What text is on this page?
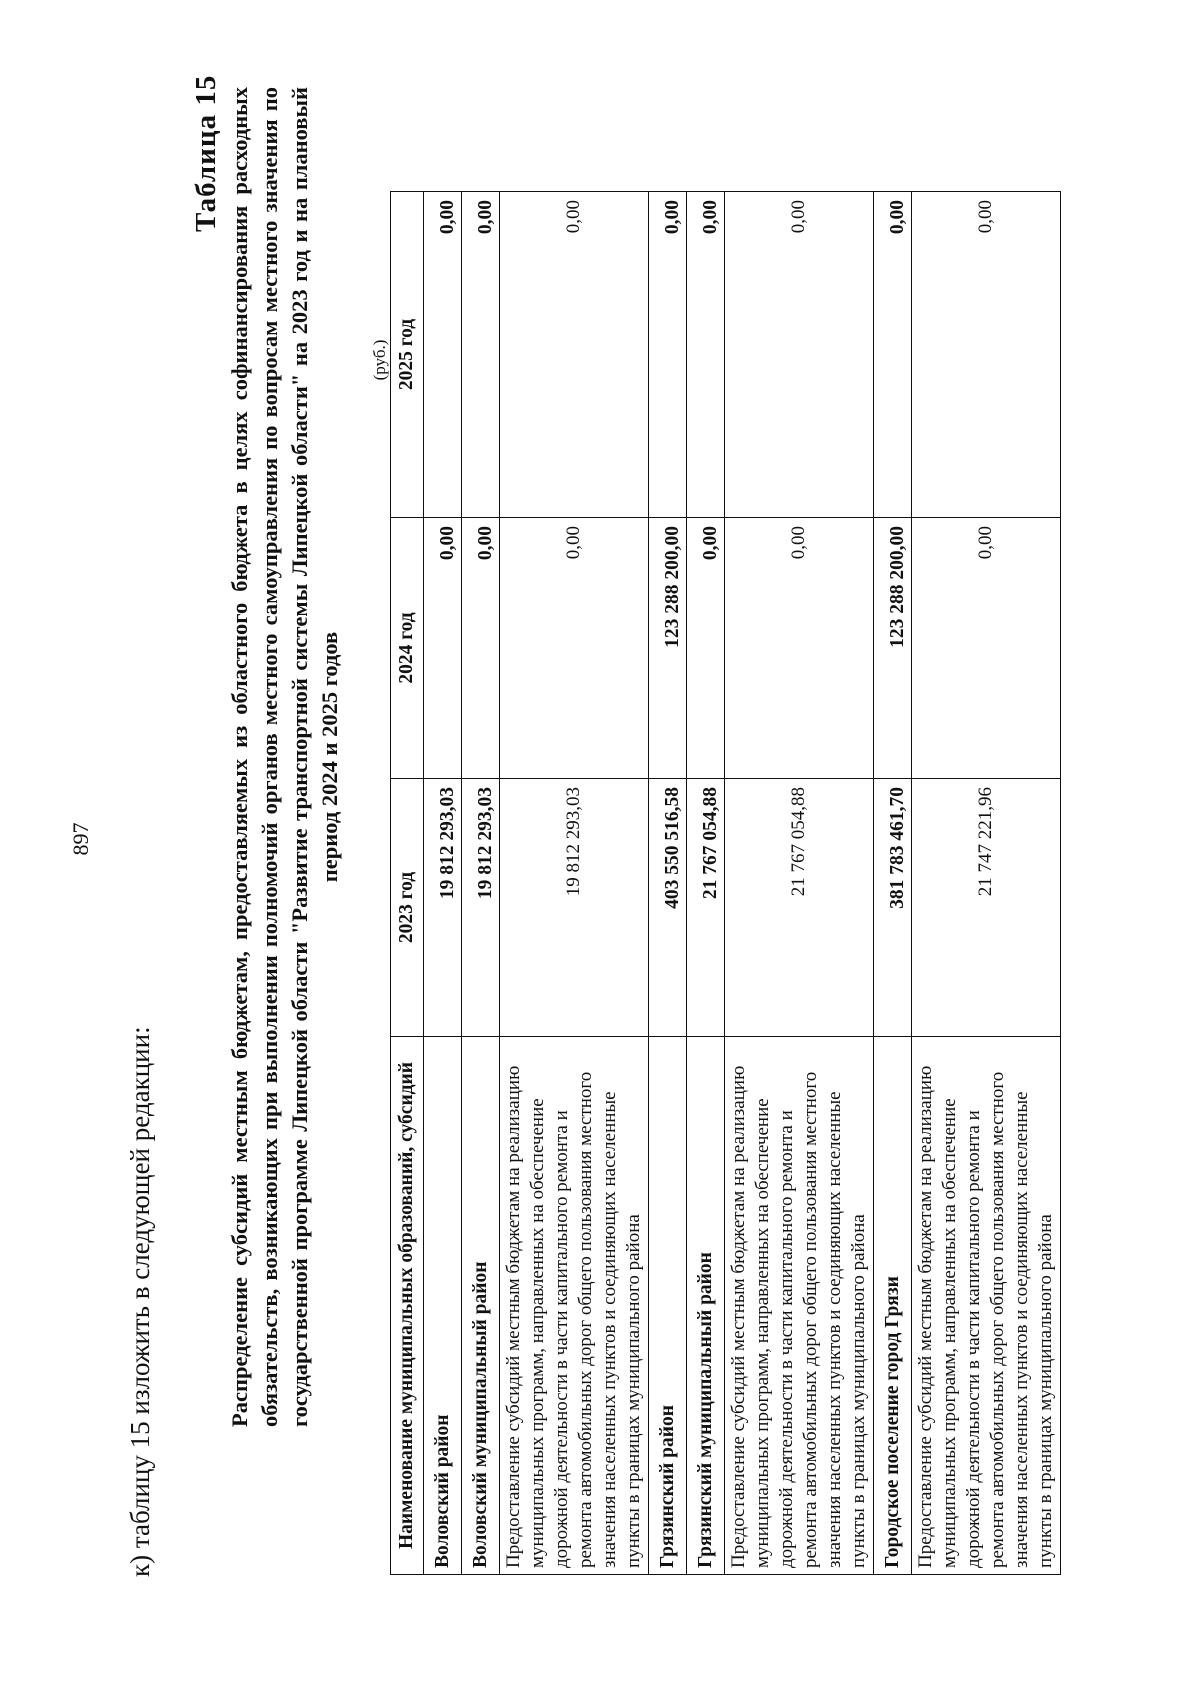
897
к) таблицу 15 изложить в следующей редакции:
Таблица 15 Распределение субсидий местным бюджетам, предоставляемых из областного бюджета в целях софинансирования расходных обязательств, возникающих при выполнении полномочий органов местного самоуправления по вопросам местного значения по государственной программе Липецкой области "Развитие транспортной системы Липецкой области" на 2023 год и на плановый период 2024 и 2025 годов
(руб.)
Наименование муниципальных образований, субсидий	2023 год	2024 год	2025 год
Воловский район	19 812 293,03	0,00	0,00
Воловский муниципальный район	19 812 293,03	0,00	0,00
Предоставление субсидий местным бюджетам на реализацию муниципальных программ, направленных на обеспечение дорожной деятельности в части капитального ремонта и ремонта автомобильных дорог общего пользования местного значения населенных пунктов и соединяющих населенные пункты в границах муниципального района	19 812 293,03	0,00	0,00
Грязинский район	403 550 516,58	123 288 200,00	0,00
Грязинский муниципальный район	21 767 054,88	0,00	0,00
Предоставление субсидий местным бюджетам на реализацию муниципальных программ, направленных на обеспечение дорожной деятельности в части капитального ремонта и ремонта автомобильных дорог общего пользования местного значения населенных пунктов и соединяющих населенные пункты в границах муниципального района	21 767 054,88	0,00	0,00
Городское поселение город Грязи	381 783 461,70	123 288 200,00	0,00
Предоставление субсидий местным бюджетам на реализацию муниципальных программ, направленных на обеспечение дорожной деятельности в части капитального ремонта и ремонта автомобильных дорог общего пользования местного значения населенных пунктов и соединяющих населенные пункты в границах муниципального района	21 747 221,96	0,00	0,00
